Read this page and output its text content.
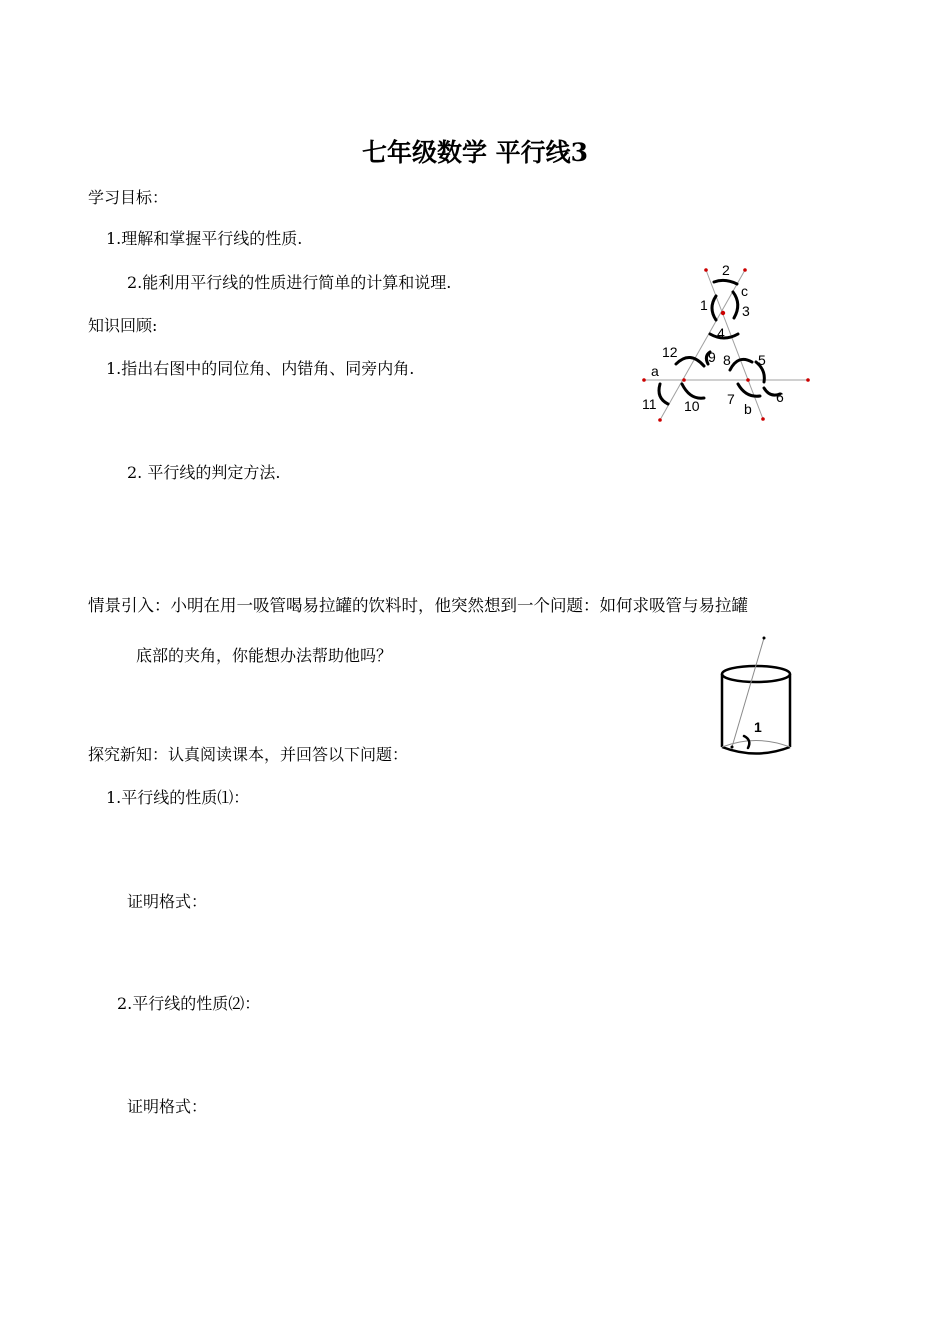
七年级数学 平行线3
学习目标：
1.理解和掌握平行线的性质.
2.能利用平行线的性质进行简单的计算和说理.
知识回顾:
1.指出右图中的同位角、内错角、同旁内角.
2. 平行线的判定方法.
情景引入：小明在用一吸管喝易拉罐的饮料时，他突然想到一个问题：如何求吸管与易拉罐
底部的夹角，你能想办法帮助他吗？
探究新知：认真阅读课本，并回答以下问题：
1.平行线的性质⑴：
证明格式：
2.平行线的性质⑵：
证明格式：
2
1
c
3
4
12 9 8 5
a
11 10 7	6
b
1
